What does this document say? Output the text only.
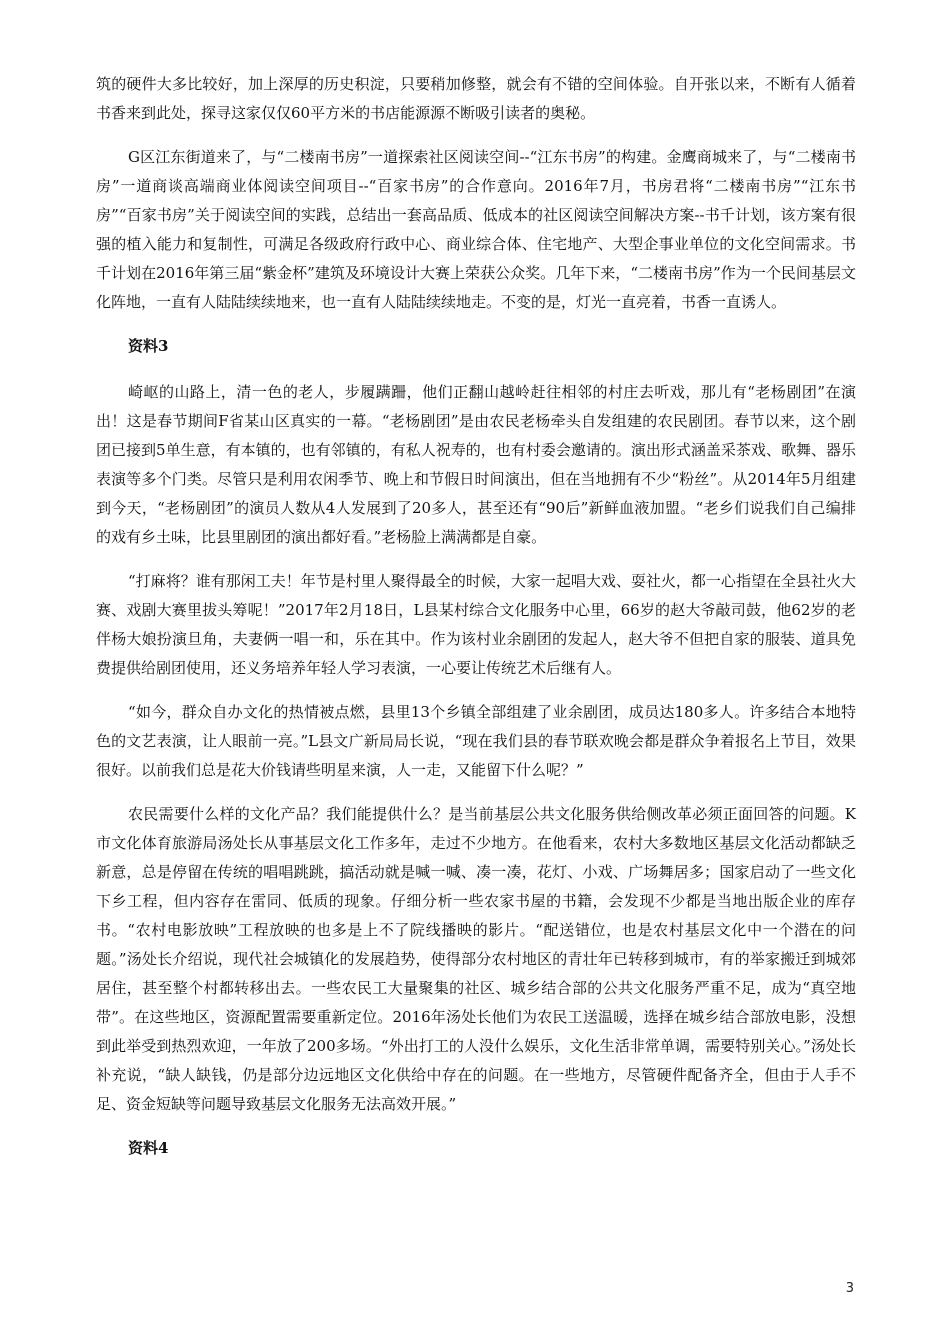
筑的硬件大多比较好，加上深厚的历史积淀，只要稍加修整，就会有不错的空间体验。自开张以来，不断有人循着书香来到此处，探寻这家仅仅60平方米的书店能源源不断吸引读者的奥秘。

G区江东街道来了，与“二楼南书房”一道探索社区阅读空间--“江东书房”的构建。金鹰商城来了，与“二楼南书房”一道商谈高端商业体阅读空间项目--“百家书房”的合作意向。2016年7月，书房君将“二楼南书房”“江东书房”“百家书房”关于阅读空间的实践，总结出一套高品质、低成本的社区阅读空间解决方案--书千计划，该方案有很强的植入能力和复制性，可满足各级政府行政中心、商业综合体、住宅地产、大型企事业单位的文化空间需求。书千计划在2016年第三届“紫金杯”建筑及环境设计大赛上荣获公众奖。几年下来，“二楼南书房”作为一个民间基层文化阵地，一直有人陆陆续续地来，也一直有人陆陆续续地走。不变的是，灯光一直亮着，书香一直诱人。

资料3

崎岖的山路上，清一色的老人，步履蹒跚，他们正翻山越岭赶往相邻的村庄去听戏，那儿有“老杨剧团”在演出！这是春节期间F省某山区真实的一幕。“老杨剧团”是由农民老杨牵头自发组建的农民剧团。春节以来，这个剧团已接到5单生意，有本镇的，也有邻镇的，有私人祝寿的，也有村委会邀请的。演出形式涵盖采茶戏、歌舞、器乐表演等多个门类。尽管只是利用农闲季节、晚上和节假日时间演出，但在当地拥有不少“粉丝”。从2014年5月组建到今天，“老杨剧团”的演员人数从4人发展到了20多人，甚至还有“90后”新鲜血液加盟。“老乡们说我们自己编排的戏有乡土味，比县里剧团的演出都好看。”老杨脸上满满都是自豪。

“打麻将？谁有那闲工夫！年节是村里人聚得最全的时候，大家一起唱大戏、耍社火，都一心指望在全县社火大赛、戏剧大赛里拔头筹呢！”2017年2月18日，L县某村综合文化服务中心里，66岁的赵大爷敲司鼓，他62岁的老伴杨大娘扮演旦角，夫妻俩一唱一和，乐在其中。作为该村业余剧团的发起人，赵大爷不但把自家的服装、道具免费提供给剧团使用，还义务培养年轻人学习表演，一心要让传统艺术后继有人。

“如今，群众自办文化的热情被点燃，县里13个乡镇全部组建了业余剧团，成员达180多人。许多结合本地特色的文艺表演，让人眼前一亮。”L县文广新局局长说，“现在我们县的春节联欢晚会都是群众争着报名上节目，效果很好。以前我们总是花大价钱请些明星来演，人一走，又能留下什么呢？”

农民需要什么样的文化产品？我们能提供什么？是当前基层公共文化服务供给侧改革必须正面回答的问题。K市文化体育旅游局汤处长从事基层文化工作多年，走过不少地方。在他看来，农村大多数地区基层文化活动都缺乏新意，总是停留在传统的唱唱跳跳，搞活动就是喊一喊、凑一凑，花灯、小戏、广场舞居多；国家启动了一些文化下乡工程，但内容存在雷同、低质的现象。仔细分析一些农家书屋的书籍，会发现不少都是当地出版企业的库存书。“农村电影放映”工程放映的也多是上不了院线播映的影片。“配送错位，也是农村基层文化中一个潜在的问题。”汤处长介绍说，现代社会城镇化的发展趋势，使得部分农村地区的青壮年已转移到城市，有的举家搬迁到城郊居住，甚至整个村都转移出去。一些农民工大量聚集的社区、城乡结合部的公共文化服务严重不足，成为“真空地带”。在这些地区，资源配置需要重新定位。2016年汤处长他们为农民工送温暖，选择在城乡结合部放电影，没想到此举受到热烈欢迎，一年放了200多场。“外出打工的人没什么娱乐，文化生活非常单调，需要特别关心。”汤处长补充说，“缺人缺钱，仍是部分边远地区文化供给中存在的问题。在一些地方，尽管硬件配备齐全，但由于人手不足、资金短缺等问题导致基层文化服务无法高效开展。”

资料4
3
